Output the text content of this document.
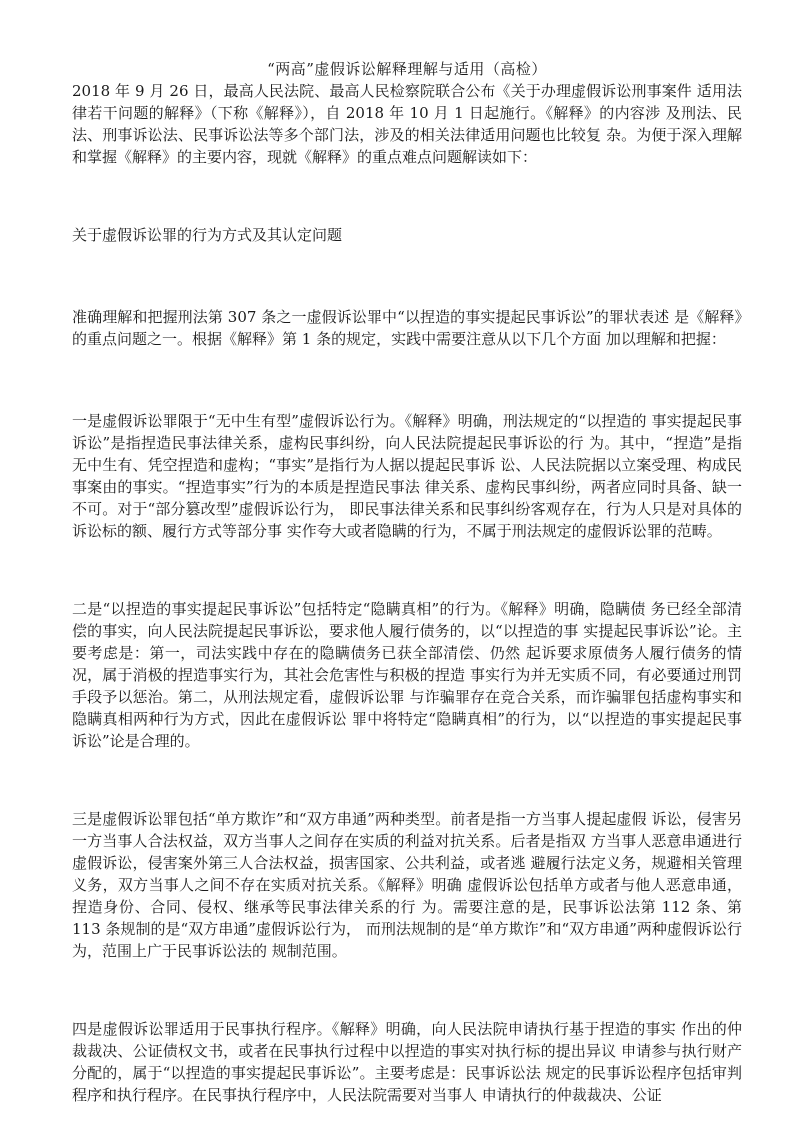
“两高”虚假诉讼解释理解与适用（高检）

2018 年 9 月 26 日，最高人民法院、最高人民检察院联合公布《关于办理虚假诉讼刑事案件 适用法律若干问题的解释》（下称《解释》），自 2018 年 10 月 1 日起施行。《解释》的内容涉 及刑法、民法、刑事诉讼法、民事诉讼法等多个部门法，涉及的相关法律适用问题也比较复 杂。为便于深入理解和掌握《解释》的主要内容，现就《解释》的重点难点问题解读如下：

关于虚假诉讼罪的行为方式及其认定问题

准确理解和把握刑法第 307 条之一虚假诉讼罪中“以捏造的事实提起民事诉讼”的罪状表述 是《解释》的重点问题之一。根据《解释》第 1 条的规定，实践中需要注意从以下几个方面 加以理解和把握：

一是虚假诉讼罪限于“无中生有型”虚假诉讼行为。《解释》明确，刑法规定的“以捏造的 事实提起民事诉讼”是指捏造民事法律关系，虚构民事纠纷，向人民法院提起民事诉讼的行 为。其中，“捏造”是指无中生有、凭空捏造和虚构；“事实”是指行为人据以提起民事诉 讼、人民法院据以立案受理、构成民事案由的事实。“捏造事实”行为的本质是捏造民事法 律关系、虚构民事纠纷，两者应同时具备、缺一不可。对于“部分篡改型”虚假诉讼行为， 即民事法律关系和民事纠纷客观存在，行为人只是对具体的诉讼标的额、履行方式等部分事 实作夸大或者隐瞒的行为，不属于刑法规定的虚假诉讼罪的范畴。

二是“以捏造的事实提起民事诉讼”包括特定“隐瞒真相”的行为。《解释》明确，隐瞒债 务已经全部清偿的事实，向人民法院提起民事诉讼，要求他人履行债务的，以“以捏造的事 实提起民事诉讼”论。主要考虑是：第一，司法实践中存在的隐瞒债务已获全部清偿、仍然 起诉要求原债务人履行债务的情况，属于消极的捏造事实行为，其社会危害性与积极的捏造 事实行为并无实质不同，有必要通过刑罚手段予以惩治。第二，从刑法规定看，虚假诉讼罪 与诈骗罪存在竞合关系，而诈骗罪包括虚构事实和隐瞒真相两种行为方式，因此在虚假诉讼 罪中将特定“隐瞒真相”的行为，以“以捏造的事实提起民事诉讼”论是合理的。

三是虚假诉讼罪包括“单方欺诈”和“双方串通”两种类型。前者是指一方当事人提起虚假 诉讼，侵害另一方当事人合法权益，双方当事人之间存在实质的利益对抗关系。后者是指双 方当事人恶意串通进行虚假诉讼，侵害案外第三人合法权益，损害国家、公共利益，或者逃 避履行法定义务，规避相关管理义务，双方当事人之间不存在实质对抗关系。《解释》明确 虚假诉讼包括单方或者与他人恶意串通，捏造身份、合同、侵权、继承等民事法律关系的行 为。需要注意的是，民事诉讼法第 112 条、第 113 条规制的是“双方串通”虚假诉讼行为， 而刑法规制的是“单方欺诈”和“双方串通”两种虚假诉讼行为，范围上广于民事诉讼法的 规制范围。

四是虚假诉讼罪适用于民事执行程序。《解释》明确，向人民法院申请执行基于捏造的事实 作出的仲裁裁决、公证债权文书，或者在民事执行过程中以捏造的事实对执行标的提出异议 申请参与执行财产分配的，属于“以捏造的事实提起民事诉讼”。主要考虑是：民事诉讼法 规定的民事诉讼程序包括审判程序和执行程序。在民事执行程序中，人民法院需要对当事人 申请执行的仲裁裁决、公证
